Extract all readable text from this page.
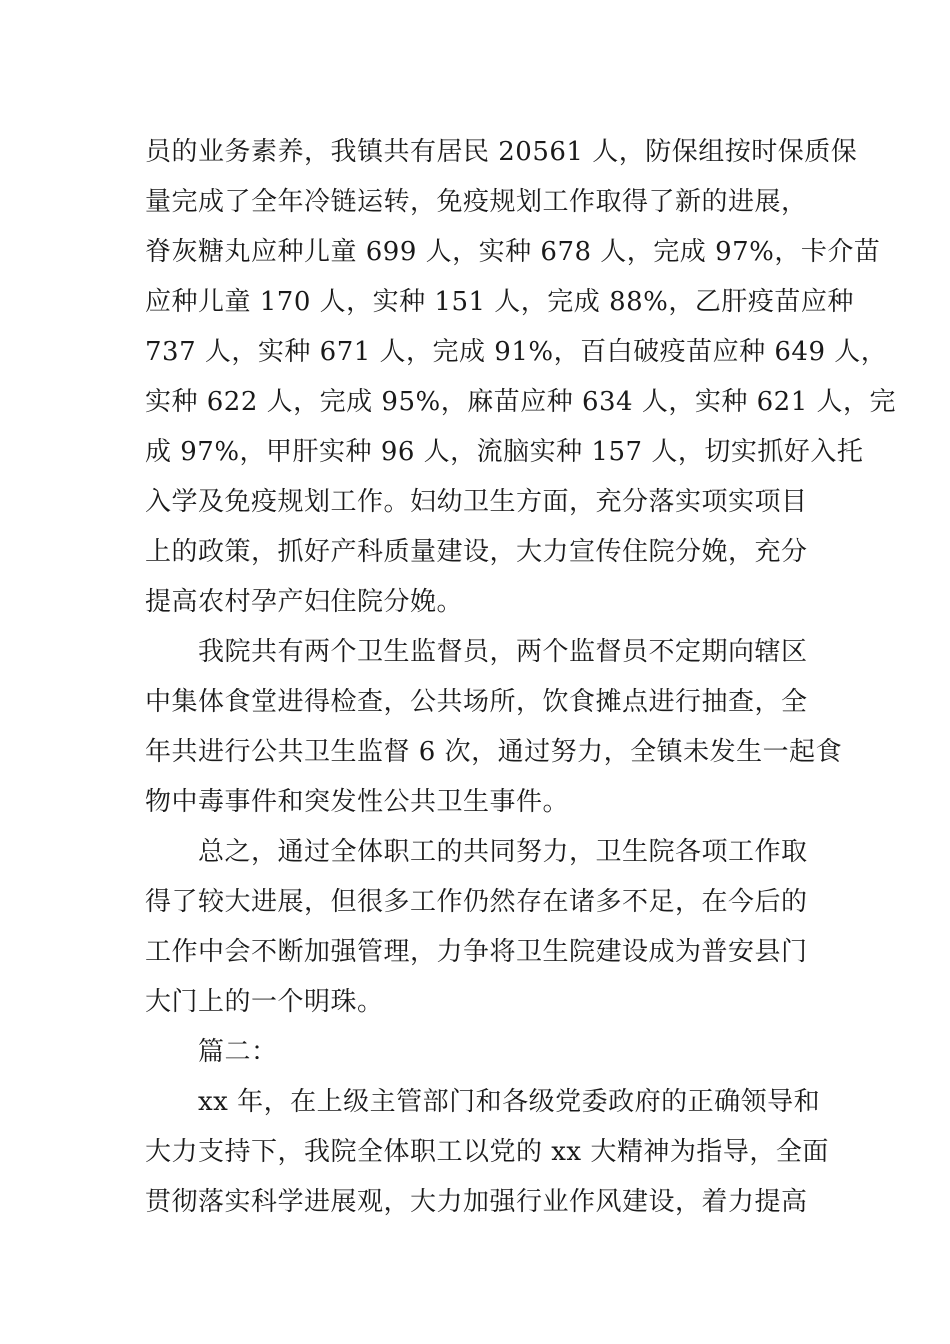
员的业务素养，我镇共有居民 20561 人，防保组按时保质保
量完成了全年冷链运转，免疫规划工作取得了新的进展，
脊灰糖丸应种儿童 699 人，实种 678 人，完成 97%，卡介苗
应种儿童 170 人，实种 151 人，完成 88%，乙肝疫苗应种
737 人，实种 671 人，完成 91%，百白破疫苗应种 649 人，
实种 622 人，完成 95%，麻苗应种 634 人，实种 621 人，完
成 97%，甲肝实种 96 人，流脑实种 157 人，切实抓好入托
入学及免疫规划工作。妇幼卫生方面，充分落实项实项目
上的政策，抓好产科质量建设，大力宣传住院分娩，充分
提高农村孕产妇住院分娩。
　　我院共有两个卫生监督员，两个监督员不定期向辖区
中集体食堂进得检查，公共场所，饮食摊点进行抽查，全
年共进行公共卫生监督 6 次，通过努力，全镇未发生一起食
物中毒事件和突发性公共卫生事件。
　　总之，通过全体职工的共同努力，卫生院各项工作取
得了较大进展，但很多工作仍然存在诸多不足，在今后的
工作中会不断加强管理，力争将卫生院建设成为普安县门
大门上的一个明珠。
　　篇二：
　　xx 年，在上级主管部门和各级党委政府的正确领导和
大力支持下，我院全体职工以党的 xx 大精神为指导，全面
贯彻落实科学进展观，大力加强行业作风建设，着力提高
